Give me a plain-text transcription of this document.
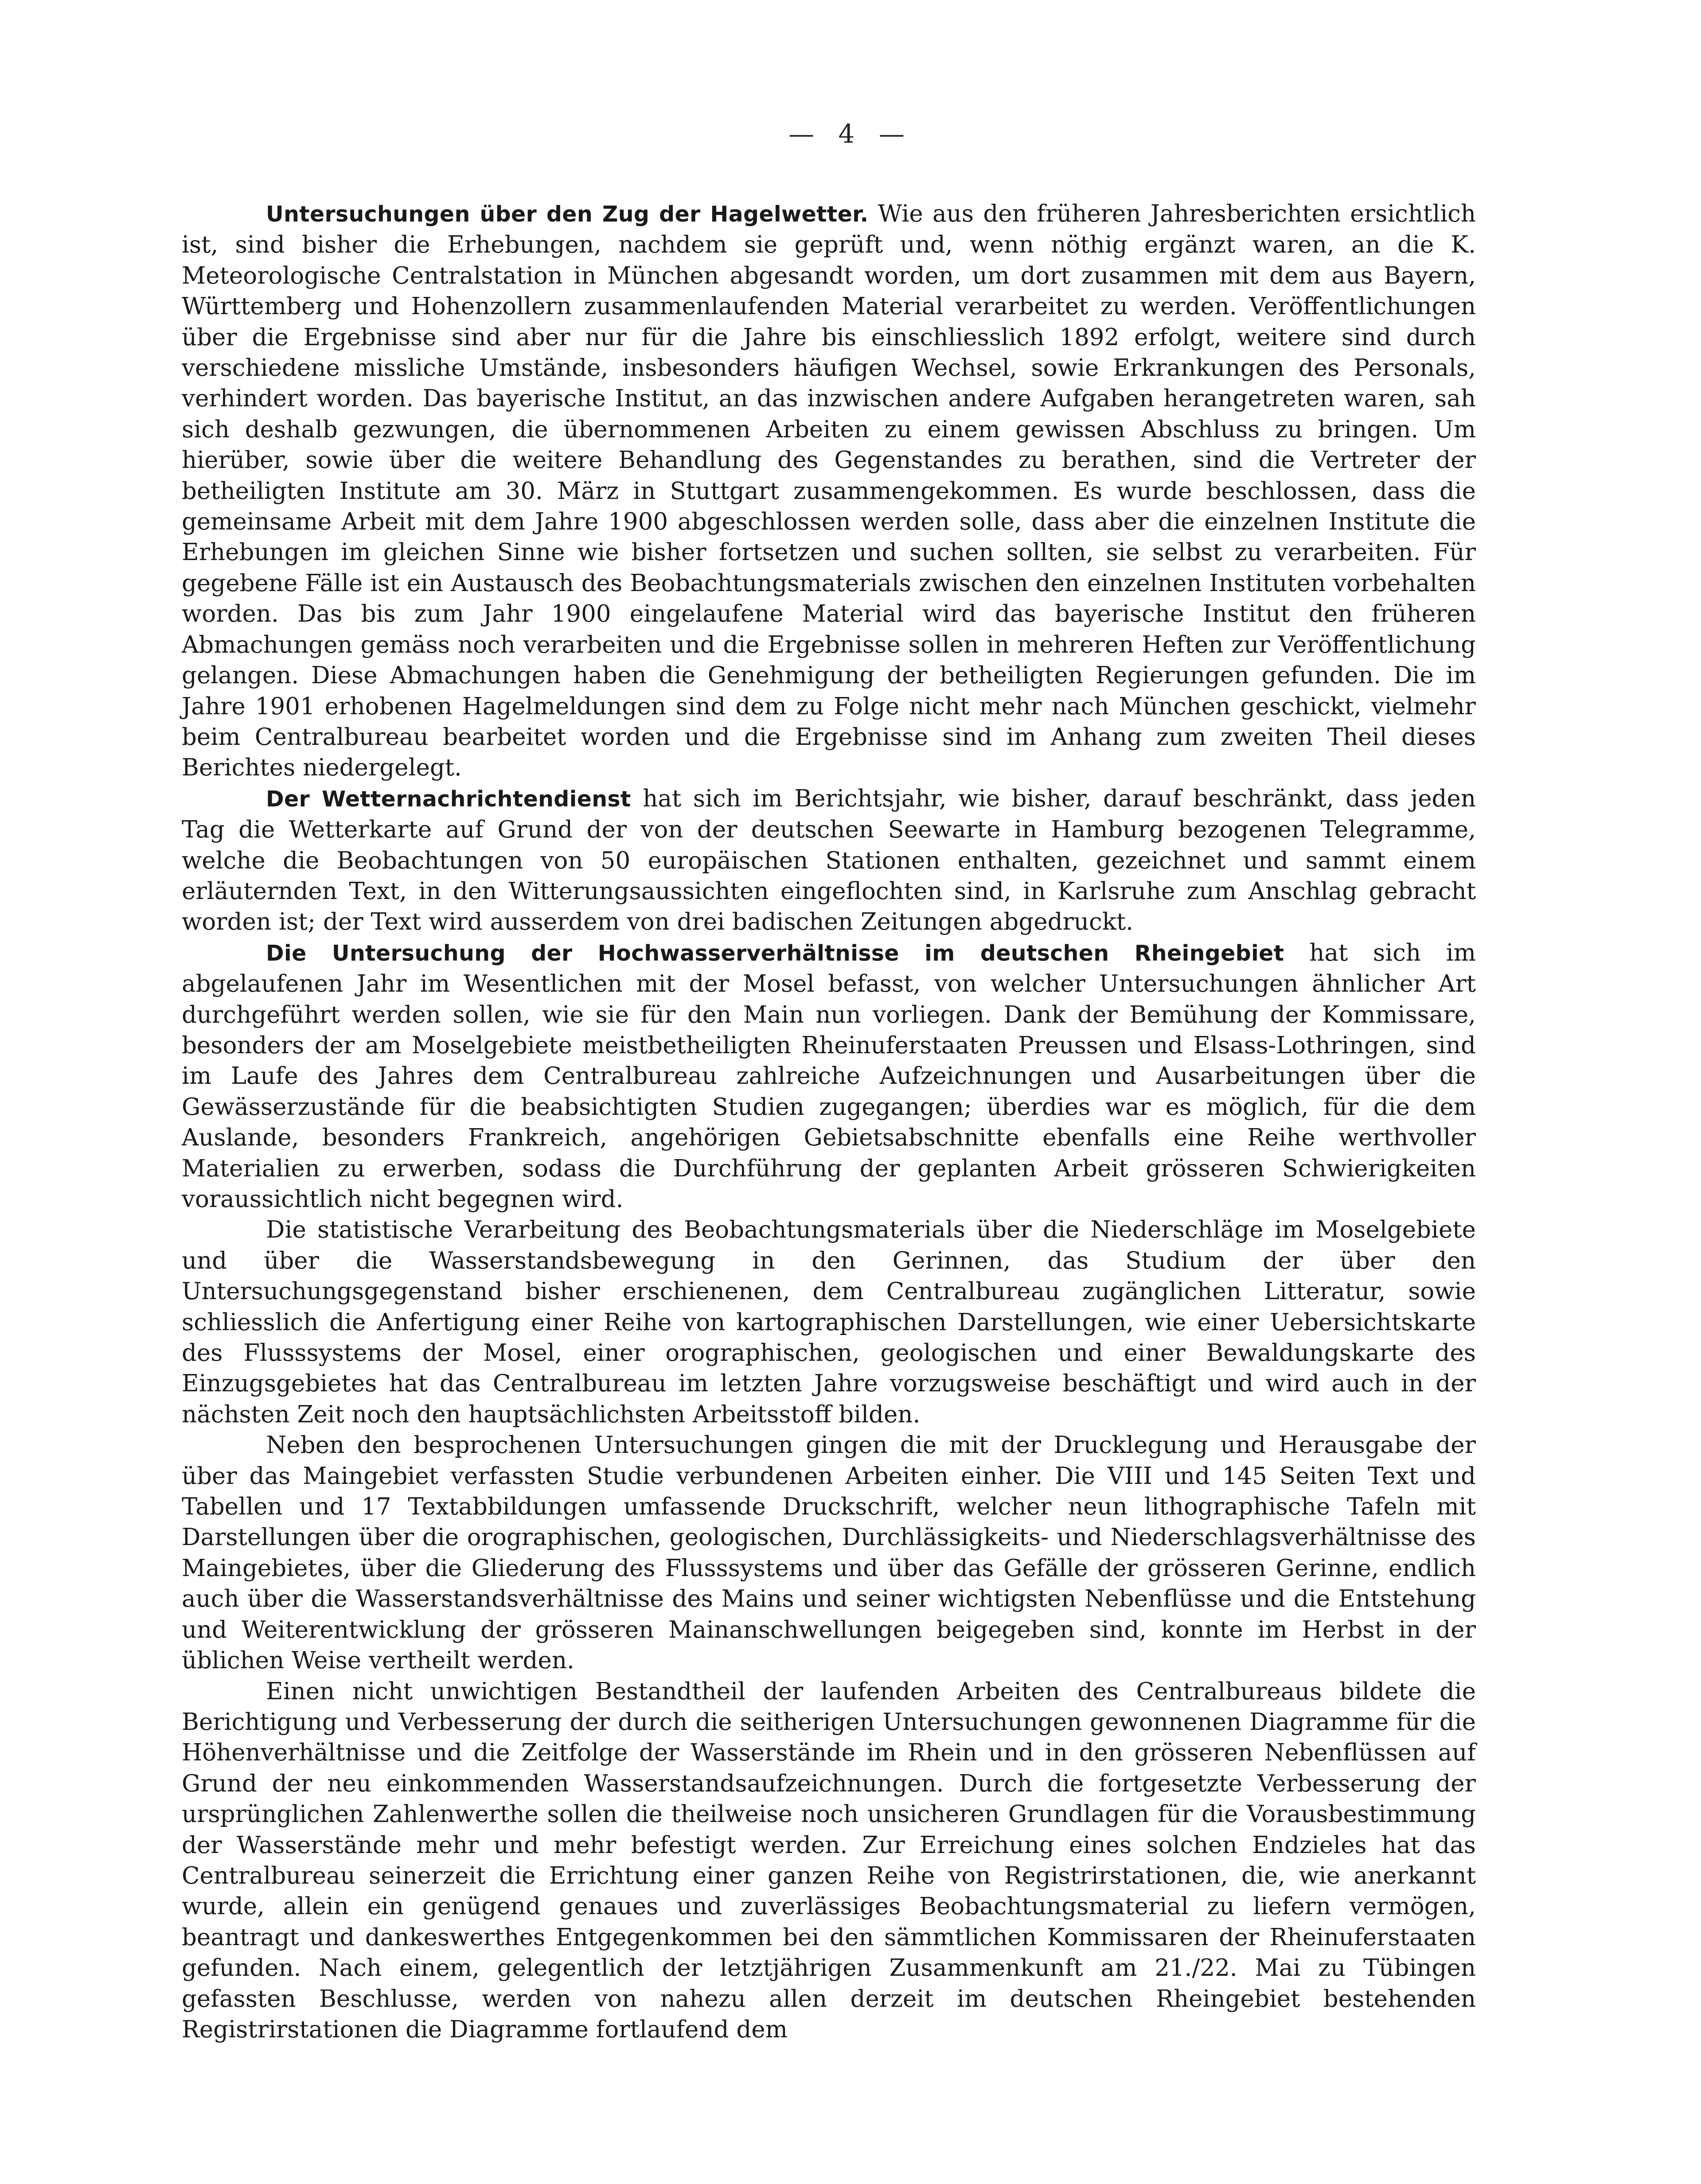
— 4 —

Untersuchungen über den Zug der Hagelwetter. Wie aus den früheren Jahresberichten ersichtlich ist, sind bisher die Erhebungen, nachdem sie geprüft und, wenn nöthig ergänzt waren, an die K. Meteorologische Centralstation in München abgesandt worden, um dort zusammen mit dem aus Bayern, Württemberg und Hohenzollern zusammenlaufenden Material verarbeitet zu werden. Veröffentlichungen über die Ergebnisse sind aber nur für die Jahre bis einschliesslich 1892 erfolgt, weitere sind durch verschiedene missliche Umstände, insbesonders häufigen Wechsel, sowie Erkrankungen des Personals, verhindert worden. Das bayerische Institut, an das inzwischen andere Aufgaben herangetreten waren, sah sich deshalb gezwungen, die übernommenen Arbeiten zu einem gewissen Abschluss zu bringen. Um hierüber, sowie über die weitere Behandlung des Gegenstandes zu berathen, sind die Vertreter der betheiligten Institute am 30. März in Stuttgart zusammengekommen. Es wurde beschlossen, dass die gemeinsame Arbeit mit dem Jahre 1900 abgeschlossen werden solle, dass aber die einzelnen Institute die Erhebungen im gleichen Sinne wie bisher fortsetzen und suchen sollten, sie selbst zu verarbeiten. Für gegebene Fälle ist ein Austausch des Beobachtungsmaterials zwischen den einzelnen Instituten vorbehalten worden. Das bis zum Jahr 1900 eingelaufene Material wird das bayerische Institut den früheren Abmachungen gemäss noch verarbeiten und die Ergebnisse sollen in mehreren Heften zur Veröffentlichung gelangen. Diese Abmachungen haben die Genehmigung der betheiligten Regierungen gefunden. Die im Jahre 1901 erhobenen Hagelmeldungen sind dem zu Folge nicht mehr nach München geschickt, vielmehr beim Centralbureau bearbeitet worden und die Ergebnisse sind im Anhang zum zweiten Theil dieses Berichtes niedergelegt.

Der Wetternachrichtendienst hat sich im Berichtsjahr, wie bisher, darauf beschränkt, dass jeden Tag die Wetterkarte auf Grund der von der deutschen Seewarte in Hamburg bezogenen Telegramme, welche die Beobachtungen von 50 europäischen Stationen enthalten, gezeichnet und sammt einem erläuternden Text, in den Witterungsaussichten eingeflochten sind, in Karlsruhe zum Anschlag gebracht worden ist; der Text wird ausserdem von drei badischen Zeitungen abgedruckt.

Die Untersuchung der Hochwasserverhältnisse im deutschen Rheingebiet hat sich im abgelaufenen Jahr im Wesentlichen mit der Mosel befasst, von welcher Untersuchungen ähnlicher Art durchgeführt werden sollen, wie sie für den Main nun vorliegen. Dank der Bemühung der Kommissare, besonders der am Moselgebiete meistbetheiligten Rheinuferstaaten Preussen und Elsass-Lothringen, sind im Laufe des Jahres dem Centralbureau zahlreiche Aufzeichnungen und Ausarbeitungen über die Gewässerzustände für die beabsichtigten Studien zugegangen; überdies war es möglich, für die dem Auslande, besonders Frankreich, angehörigen Gebietsabschnitte ebenfalls eine Reihe werthvoller Materialien zu erwerben, sodass die Durchführung der geplanten Arbeit grösseren Schwierigkeiten voraussichtlich nicht begegnen wird.

Die statistische Verarbeitung des Beobachtungsmaterials über die Niederschläge im Moselgebiete und über die Wasserstandsbewegung in den Gerinnen, das Studium der über den Untersuchungsgegenstand bisher erschienenen, dem Centralbureau zugänglichen Litteratur, sowie schliesslich die Anfertigung einer Reihe von kartographischen Darstellungen, wie einer Uebersichtskarte des Flusssystems der Mosel, einer orographischen, geologischen und einer Bewaldungskarte des Einzugsgebietes hat das Centralbureau im letzten Jahre vorzugsweise beschäftigt und wird auch in der nächsten Zeit noch den hauptsächlichsten Arbeitsstoff bilden.

Neben den besprochenen Untersuchungen gingen die mit der Drucklegung und Herausgabe der über das Maingebiet verfassten Studie verbundenen Arbeiten einher. Die VIII und 145 Seiten Text und Tabellen und 17 Textabbildungen umfassende Druckschrift, welcher neun lithographische Tafeln mit Darstellungen über die orographischen, geologischen, Durchlässigkeits- und Niederschlagsverhältnisse des Maingebietes, über die Gliederung des Flusssystems und über das Gefälle der grösseren Gerinne, endlich auch über die Wasserstandsverhältnisse des Mains und seiner wichtigsten Nebenflüsse und die Entstehung und Weiterentwicklung der grösseren Mainanschwellungen beigegeben sind, konnte im Herbst in der üblichen Weise vertheilt werden.

Einen nicht unwichtigen Bestandtheil der laufenden Arbeiten des Centralbureaus bildete die Berichtigung und Verbesserung der durch die seitherigen Untersuchungen gewonnenen Diagramme für die Höhenverhältnisse und die Zeitfolge der Wasserstände im Rhein und in den grösseren Nebenflüssen auf Grund der neu einkommenden Wasserstandsaufzeichnungen. Durch die fortgesetzte Verbesserung der ursprünglichen Zahlenwerthe sollen die theilweise noch unsicheren Grundlagen für die Vorausbestimmung der Wasserstände mehr und mehr befestigt werden. Zur Erreichung eines solchen Endzieles hat das Centralbureau seinerzeit die Errichtung einer ganzen Reihe von Registrirstationen, die, wie anerkannt wurde, allein ein genügend genaues und zuverlässiges Beobachtungsmaterial zu liefern vermögen, beantragt und dankeswerthes Entgegenkommen bei den sämmtlichen Kommissaren der Rheinuferstaaten gefunden. Nach einem, gelegentlich der letztjährigen Zusammenkunft am 21./22. Mai zu Tübingen gefassten Beschlusse, werden von nahezu allen derzeit im deutschen Rheingebiet bestehenden Registrirstationen die Diagramme fortlaufend dem
